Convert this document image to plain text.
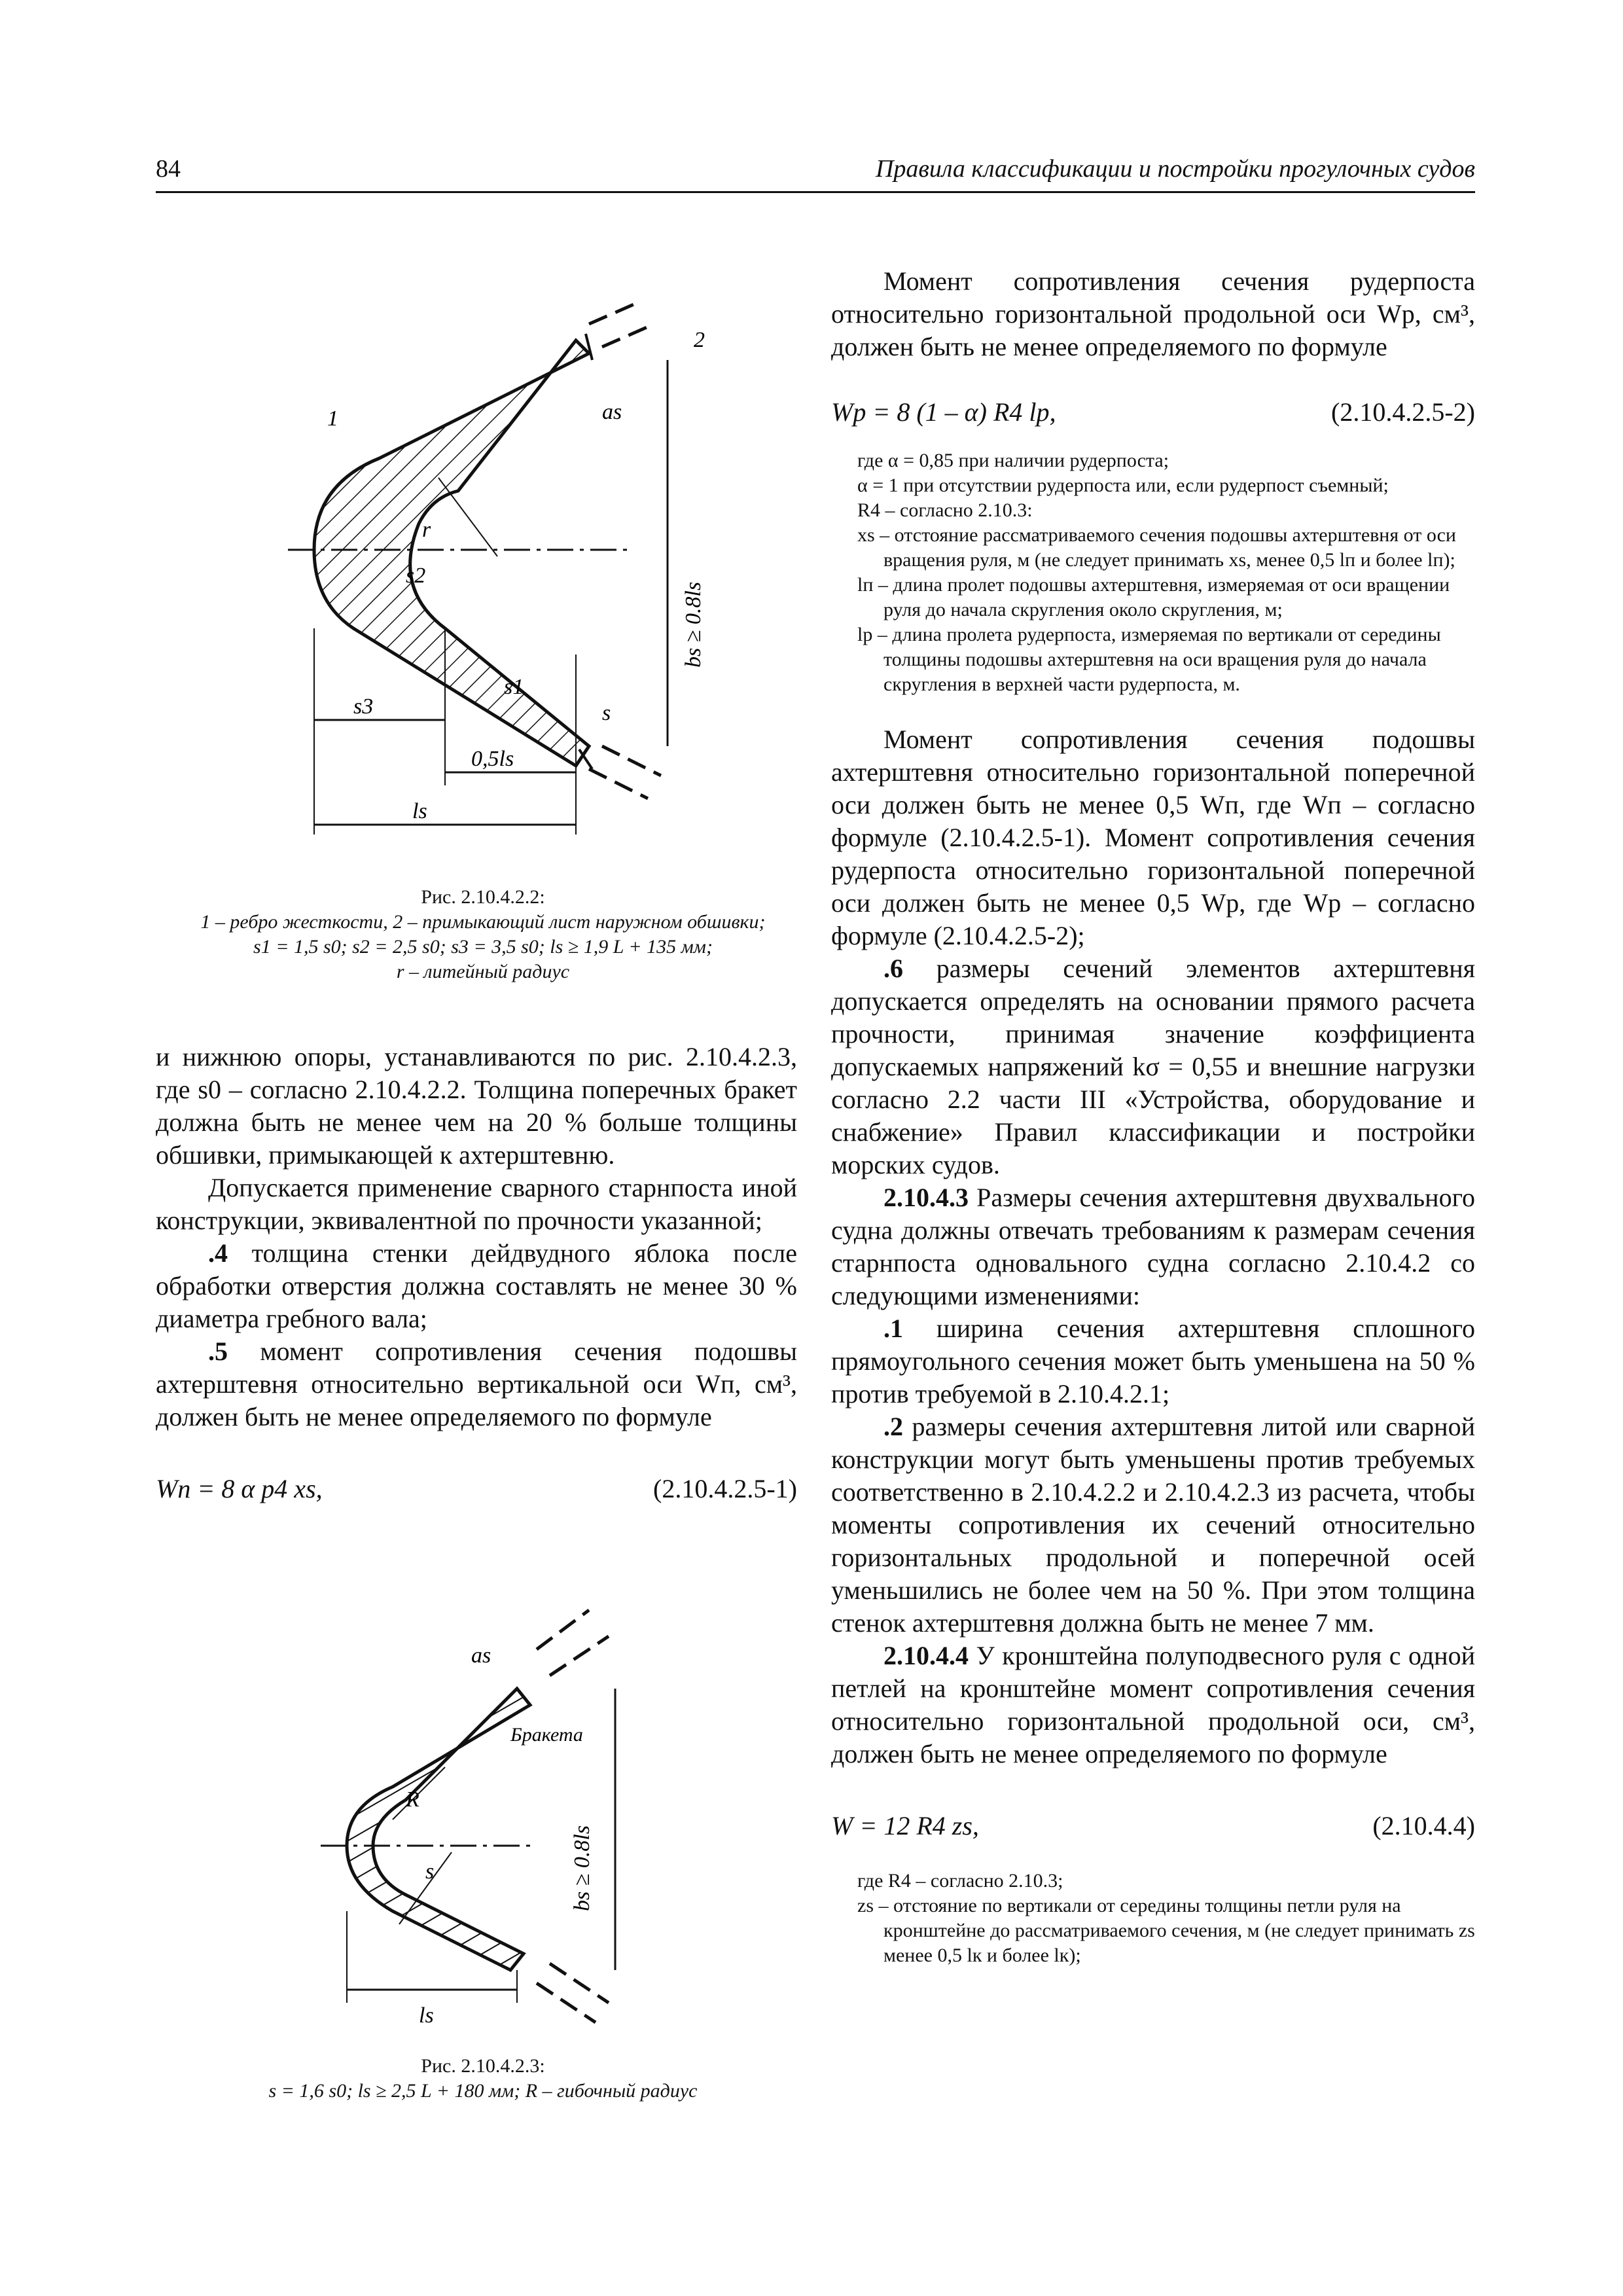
84	Правила классификации и постройки прогулочных судов
1
2
as
r
s2
s1
s
s3
0,5ls
ls
bs ≥ 0.8ls
Рис. 2.10.4.2.2:
1 – ребро жесткости, 2 – примыкающий лист наружном обшивки;
s1 = 1,5 s0; s2 = 2,5 s0; s3 = 3,5 s0; ls ≥ 1,9 L + 135 мм;
r – литейный радиус

и нижнюю опоры, устанавливаются по рис. 2.10.4.2.3, где s0 – согласно 2.10.4.2.2. Толщина поперечных бракет должна быть не менее чем на 20 % больше толщины обшивки, примыкающей к ахтерштевню.

Допускается применение сварного старнпоста иной конструкции, эквивалентной по прочности указанной;

.4 толщина стенки дейдвудного яблока после обработки отверстия должна составлять не менее 30 % диаметра гребного вала;

.5 момент сопротивления сечения подошвы ахтерштевня относительно вертикальной оси Wп, см³, должен быть не менее определяемого по формуле

Wп = 8 α p4 xs,	(2.10.4.2.5-1)
as
Бракета
R
s
ls
bs ≥ 0.8ls
Рис. 2.10.4.2.3:
s = 1,6 s0; ls ≥ 2,5 L + 180 мм; R – гибочный радиус

Момент сопротивления сечения рудерпоста относительно горизонтальной продольной оси Wр, см³, должен быть не менее определяемого по формуле

Wр = 8 (1 – α) R4 lр,	(2.10.4.2.5-2)
где α = 0,85 при наличии рудерпоста;
α = 1 при отсутствии рудерпоста или, если рудерпост съемный;
R4 – согласно 2.10.3:
xs – отстояние рассматриваемого сечения подошвы ахтерштевня от оси вращения руля, м (не следует принимать xs, менее 0,5 lп и более lп);
lп – длина пролет подошвы ахтерштевня, измеряемая от оси вращении руля до начала скругления около скругления, м;
lр – длина пролета рудерпоста, измеряемая по вертикали от середины толщины подошвы ахтерштевня на оси вращения руля до начала скругления в верхней части рудерпоста, м.

Момент сопротивления сечения подошвы ахтерштевня относительно горизонтальной поперечной оси должен быть не менее 0,5 Wп, где Wп – согласно формуле (2.10.4.2.5-1). Момент сопротивления сечения рудерпоста относительно горизонтальной поперечной оси должен быть не менее 0,5 Wр, где Wр – согласно формуле (2.10.4.2.5-2);

.6 размеры сечений элементов ахтерштевня допускается определять на основании прямого расчета прочности, принимая значение коэффициента допускаемых напряжений kσ = 0,55 и внешние нагрузки согласно 2.2 части III «Устройства, оборудование и снабжение» Правил классификации и постройки морских судов.

2.10.4.3 Размеры сечения ахтерштевня двухвального судна должны отвечать требованиям к размерам сечения старнпоста одновального судна согласно 2.10.4.2 со следующими изменениями:

.1 ширина сечения ахтерштевня сплошного прямоугольного сечения может быть уменьшена на 50 % против требуемой в 2.10.4.2.1;

.2 размеры сечения ахтерштевня литой или сварной конструкции могут быть уменьшены против требуемых соответственно в 2.10.4.2.2 и 2.10.4.2.3 из расчета, чтобы моменты сопротивления их сечений относительно горизонтальных продольной и поперечной осей уменьшились не более чем на 50 %. При этом толщина стенок ахтерштевня должна быть не менее 7 мм.

2.10.4.4 У кронштейна полуподвесного руля с одной петлей на кронштейне момент сопротивления сечения относительно горизонтальной продольной оси, см³, должен быть не менее определяемого по формуле

W = 12 R4 zs,	(2.10.4.4)
где R4 – согласно 2.10.3;
zs – отстояние по вертикали от середины толщины петли руля на кронштейне до рассматриваемого сечения, м (не следует принимать zs менее 0,5 lк и более lк);
